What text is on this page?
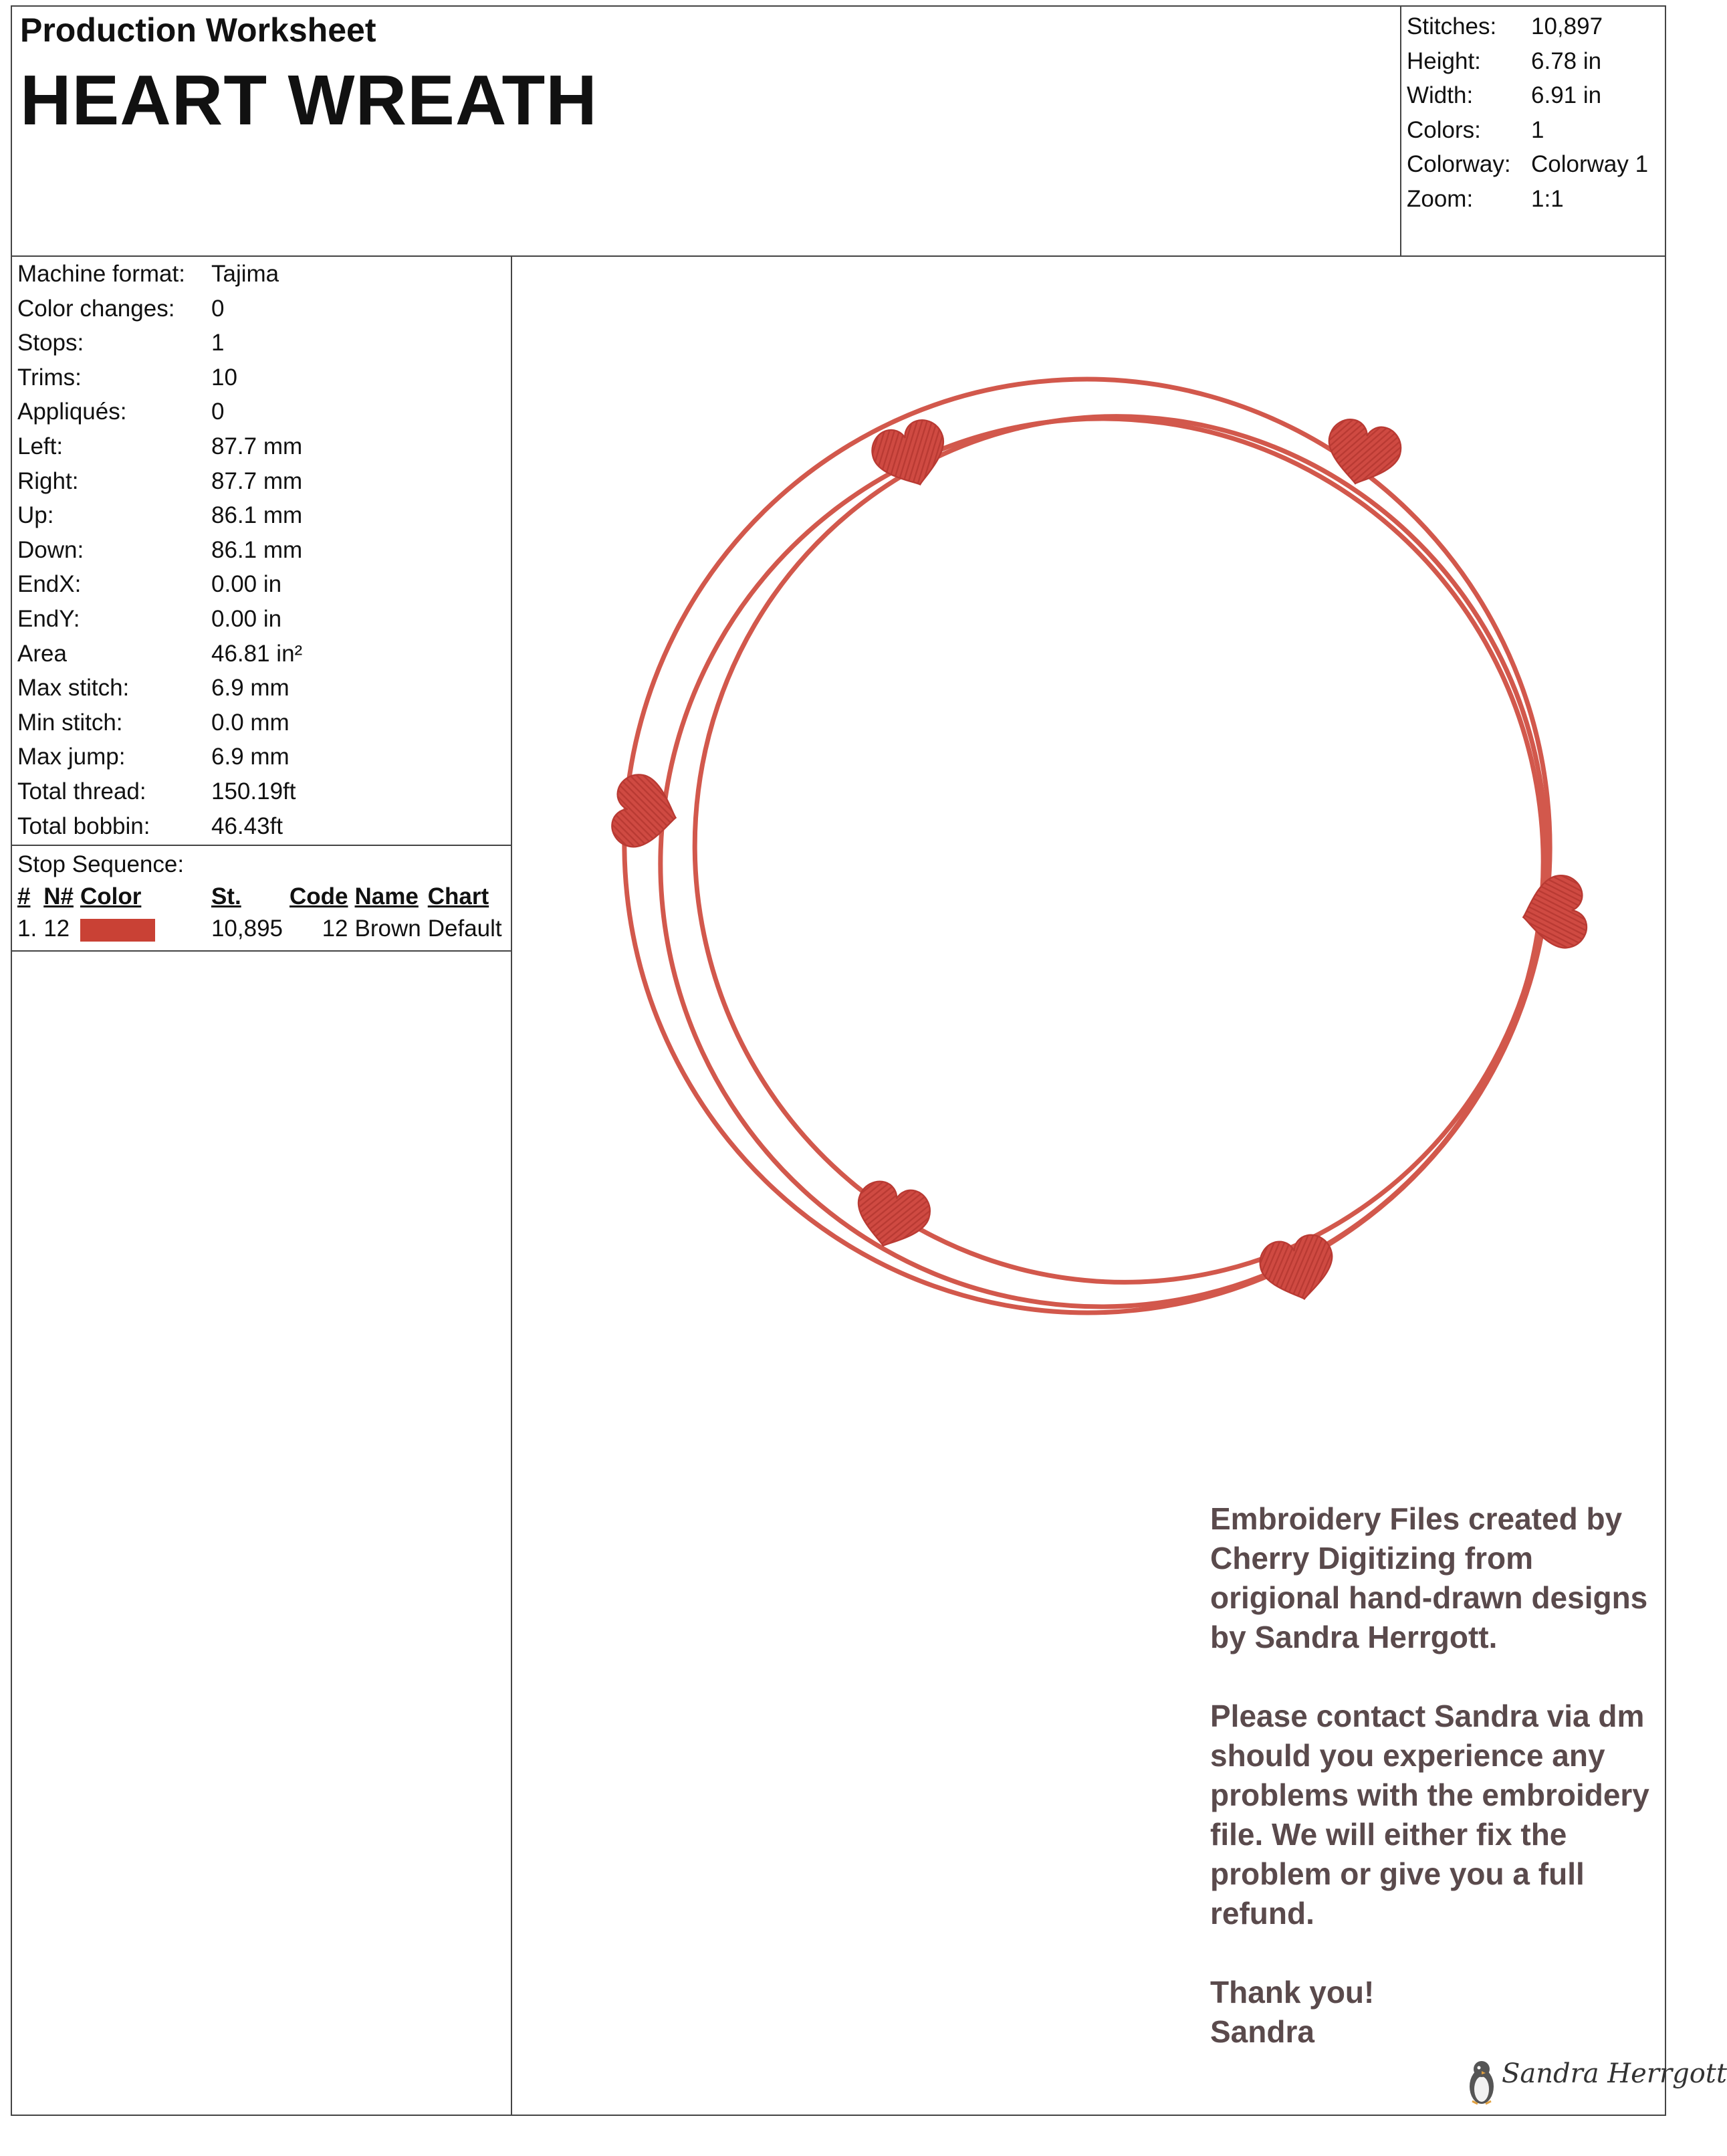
Production Worksheet
HEART WREATH
Stitches:	10,897
Height:	6.78 in
Width:	6.91 in
Colors:	1
Colorway: Colorway 1
Zoom:	1:1
Machine format:	Tajima
Color changes:	0
Stops:	1
Trims:	10
Appliqués:	0
Left:	87.7 mm
Right:	87.7 mm
Up:	86.1 mm
Down:	86.1 mm
EndX:	0.00 in
EndY:	0.00 in
Area	46.81 in²
Max stitch:	6.9 mm
Min stitch:	0.0 mm
Max jump:	6.9 mm
Total thread:	150.19ft
Total bobbin:	46.43ft
Stop Sequence:
#	N#	Color	St.	Code	Name	Chart
1.	12		10,895	12	Brown	Default

Embroidery Files created by Cherry Digitizing from origional hand-drawn designs by Sandra Herrgott.

Please contact Sandra via dm should you experience any problems with the embroidery file. We will either fix the problem or give you a full refund.

Thank you!
Sandra

Sandra Herrgott
